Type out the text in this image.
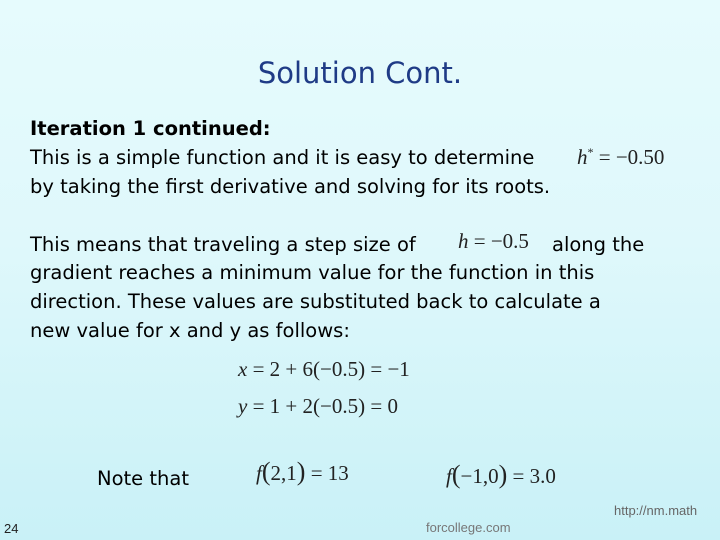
Solution Cont.
Iteration 1 continued:
This is a simple function and it is easy to determine
by taking the first derivative and solving for its roots.
h* = −0.50
This means that traveling a step size of h = −0.5 along the
gradient reaches a minimum value for the function in this
direction. These values are substituted back to calculate a
new value for x and y as follows:
x = 2 + 6(−0.5) = −1
y = 1 + 2(−0.5) = 0
Note that	f(2,1) = 13	f(−1,0) = 3.0
24	forcollege.com
http://nm.math
